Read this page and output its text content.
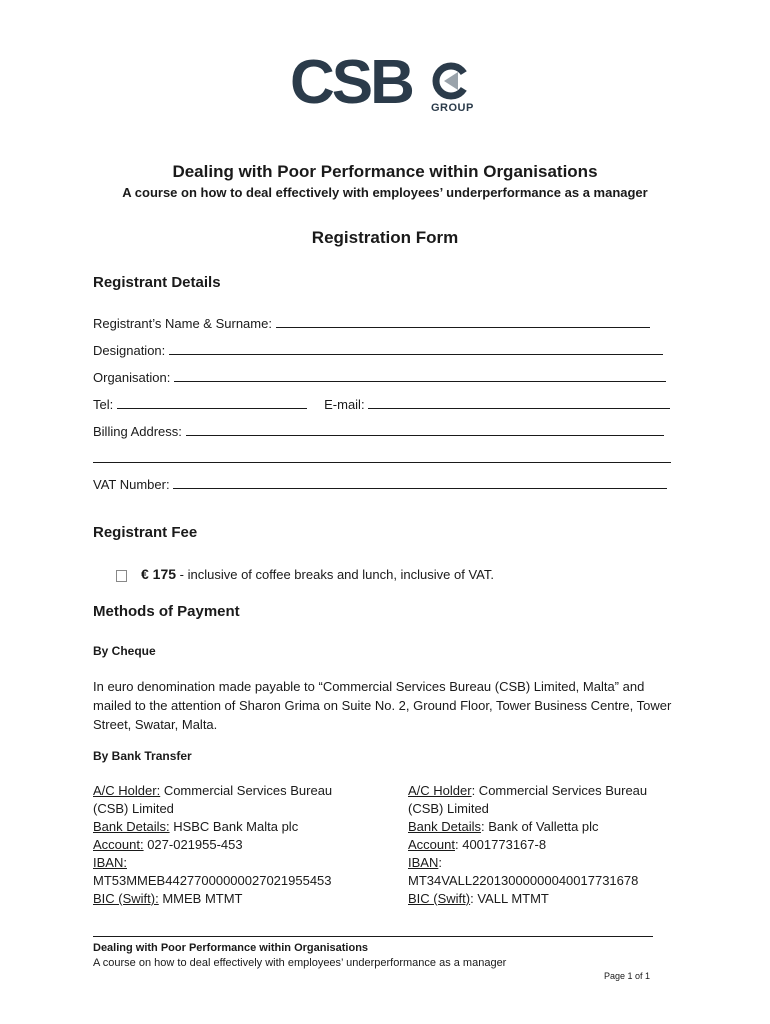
CSB GROUP
Dealing with Poor Performance within Organisations
A course on how to deal effectively with employees’ underperformance as a manager
Registration Form
Registrant Details
Registrant’s Name & Surname:
Designation:
Organisation:
Tel:	E-mail:
Billing Address:
VAT Number:
Registrant Fee
€ 175 - inclusive of coffee breaks and lunch, inclusive of VAT.
Methods of Payment
By Cheque
In euro denomination made payable to “Commercial Services Bureau (CSB) Limited, Malta” and mailed to the attention of Sharon Grima on Suite No. 2, Ground Floor, Tower Business Centre, Tower Street, Swatar, Malta.
By Bank Transfer
A/C Holder: Commercial Services Bureau (CSB) Limited
Bank Details: HSBC Bank Malta plc
Account: 027-021955-453
IBAN:
MT53MMEB44277000000027021955453
BIC (Swift): MMEB MTMT
A/C Holder: Commercial Services Bureau (CSB) Limited
Bank Details: Bank of Valletta plc
Account: 4001773167-8
IBAN:
MT34VALL22013000000040017731678
BIC (Swift): VALL MTMT
Dealing with Poor Performance within Organisations
A course on how to deal effectively with employees’ underperformance as a manager
Page 1 of 1
